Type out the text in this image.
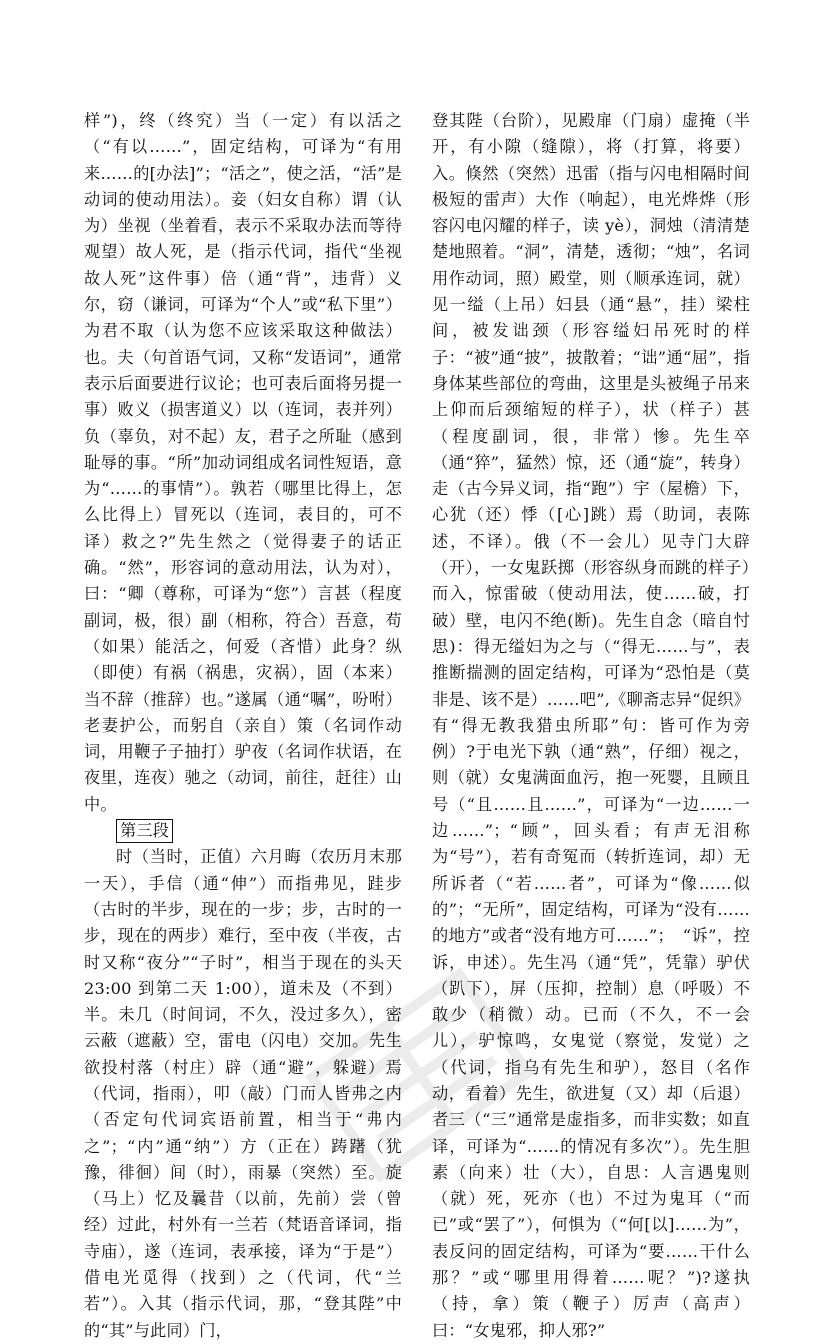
样”)，终（终究）当（一定）有以活之（“有以……”，固定结构，可译为“有用来……的[办法]”；“活之”，使之活，“活”是动词的使动用法）。妾（妇女自称）谓（认为）坐视（坐着看，表示不采取办法而等待观望）故人死，是（指示代词，指代“坐视故人死”这件事）倍（通“背”，违背）义尔，窃（谦词，可译为“个人”或“私下里”）为君不取（认为您不应该采取这种做法）也。夫（句首语气词，又称“发语词”，通常表示后面要进行议论；也可表后面将另提一事）败义（损害道义）以（连词，表并列）负（辜负，对不起）友，君子之所耻（感到耻辱的事。“所”加动词组成名词性短语，意为“……的事情”）。孰若（哪里比得上，怎么比得上）冒死以（连词，表目的，可不译）救之?”先生然之（觉得妻子的话正确。“然”，形容词的意动用法，认为对），曰：“卿（尊称，可译为“您”）言甚（程度副词，极，很）副（相称，符合）吾意，苟（如果）能活之，何爱（吝惜）此身？纵（即使）有祸（祸患，灾祸），固（本来）当不辞（推辞）也。”遂属（通“嘱”，吩咐）老妻护公，而躬自（亲自）策（名词作动词，用鞭子子抽打）驴夜（名词作状语，在夜里，连夜）驰之（动词，前往，赶往）山中。

第三段

时（当时，正值）六月晦（农历月末那一天），手信（通“伸”）而指弗见，跬步（古时的半步，现在的一步；步，古时的一步，现在的两步）难行，至中夜（半夜，古时又称“夜分”“子时”，相当于现在的头天 23:00 到第二天 1:00），道未及（不到）半。未几（时间词，不久，没过多久），密云蔽（遮蔽）空，雷电（闪电）交加。先生欲投村落（村庄）辟（通“避”，躲避）焉（代词，指雨），叩（敲）门而人皆弗之内（否定句代词宾语前置，相当于“弗内之”；“内”通“纳”）方（正在）踌躇（犹豫，徘徊）间（时），雨暴（突然）至。旋（马上）忆及曩昔（以前，先前）尝（曾经）过此，村外有一兰若（梵语音译词，指寺庙），遂（连词，表承接，译为“于是”）借电光觅得（找到）之（代词，代“兰若”）。入其（指示代词，那，“登其陛”中的“其”与此同）门，

登其陛（台阶），见殿扉（门扇）虚掩（半开，有小隙（缝隙），将（打算，将要）入。倏然（突然）迅雷（指与闪电相隔时间极短的雷声）大作（响起），电光烨烨（形容闪电闪耀的样子，读 yè），洞烛（清清楚楚地照着。“洞”，清楚，透彻；“烛”，名词用作动词，照）殿堂，则（顺承连词，就）见一缢（上吊）妇县（通“悬”，挂）梁柱间，被发诎颈（形容缢妇吊死时的样子：“被”通“披”，披散着；“诎”通“屈”，指身体某些部位的弯曲，这里是头被绳子吊来上仰而后颈缩短的样子），状（样子）甚（程度副词，很，非常）惨。先生卒（通“猝”，猛然）惊，还（通“旋”，转身）走（古今异义词，指“跑”）宇（屋檐）下，心犹（还）悸（[心]跳）焉（助词，表陈述，不译）。俄（不一会儿）见寺门大辟（开），一女鬼跃掷（形容纵身而跳的样子）而入，惊雷破（使动用法，使……破，打破）壁，电闪不绝(断)。先生自念（暗自忖思)：得无缢妇为之与（“得无……与”，表推断揣测的固定结构，可译为“恐怕是（莫非是、该不是）……吧”,《聊斋志异“促织》有“得无教我猎虫所耶”句：皆可作为旁例）?于电光下孰（通“熟”，仔细）视之，则（就）女鬼满面血污，抱一死婴，且顾且号（“且……且……”，可译为“一边……一边……”；“顾”，回头看；有声无泪称为“号”），若有奇冤而（转折连词，却）无所诉者（“若……者”，可译为“像……似的”；“无所”，固定结构，可译为“没有……的地方”或者“没有地方可……”；　“诉”，控诉，申述）。先生冯（通“凭”，凭靠）驴伏（趴下），屏（压抑，控制）息（呼吸）不敢少（稍微）动。已而（不久，不一会儿），驴惊鸣，女鬼觉（察觉，发觉）之（代词，指乌有先生和驴），怒目（名作动，看着）先生，欲进复（又）却（后退）者三（“三”通常是虚指多，而非实数；如直译，可译为“……的情况有多次”）。先生胆素（向来）壮（大），自思：人言遇鬼则（就）死，死亦（也）不过为鬼耳（“而已”或“罢了”），何惧为（“何[以]……为”，表反问的固定结构，可译为“要……干什么那？”或“哪里用得着……呢？”)?遂执（持，拿）策（鞭子）厉声（高声）曰：“女鬼邪，抑人邪?”
